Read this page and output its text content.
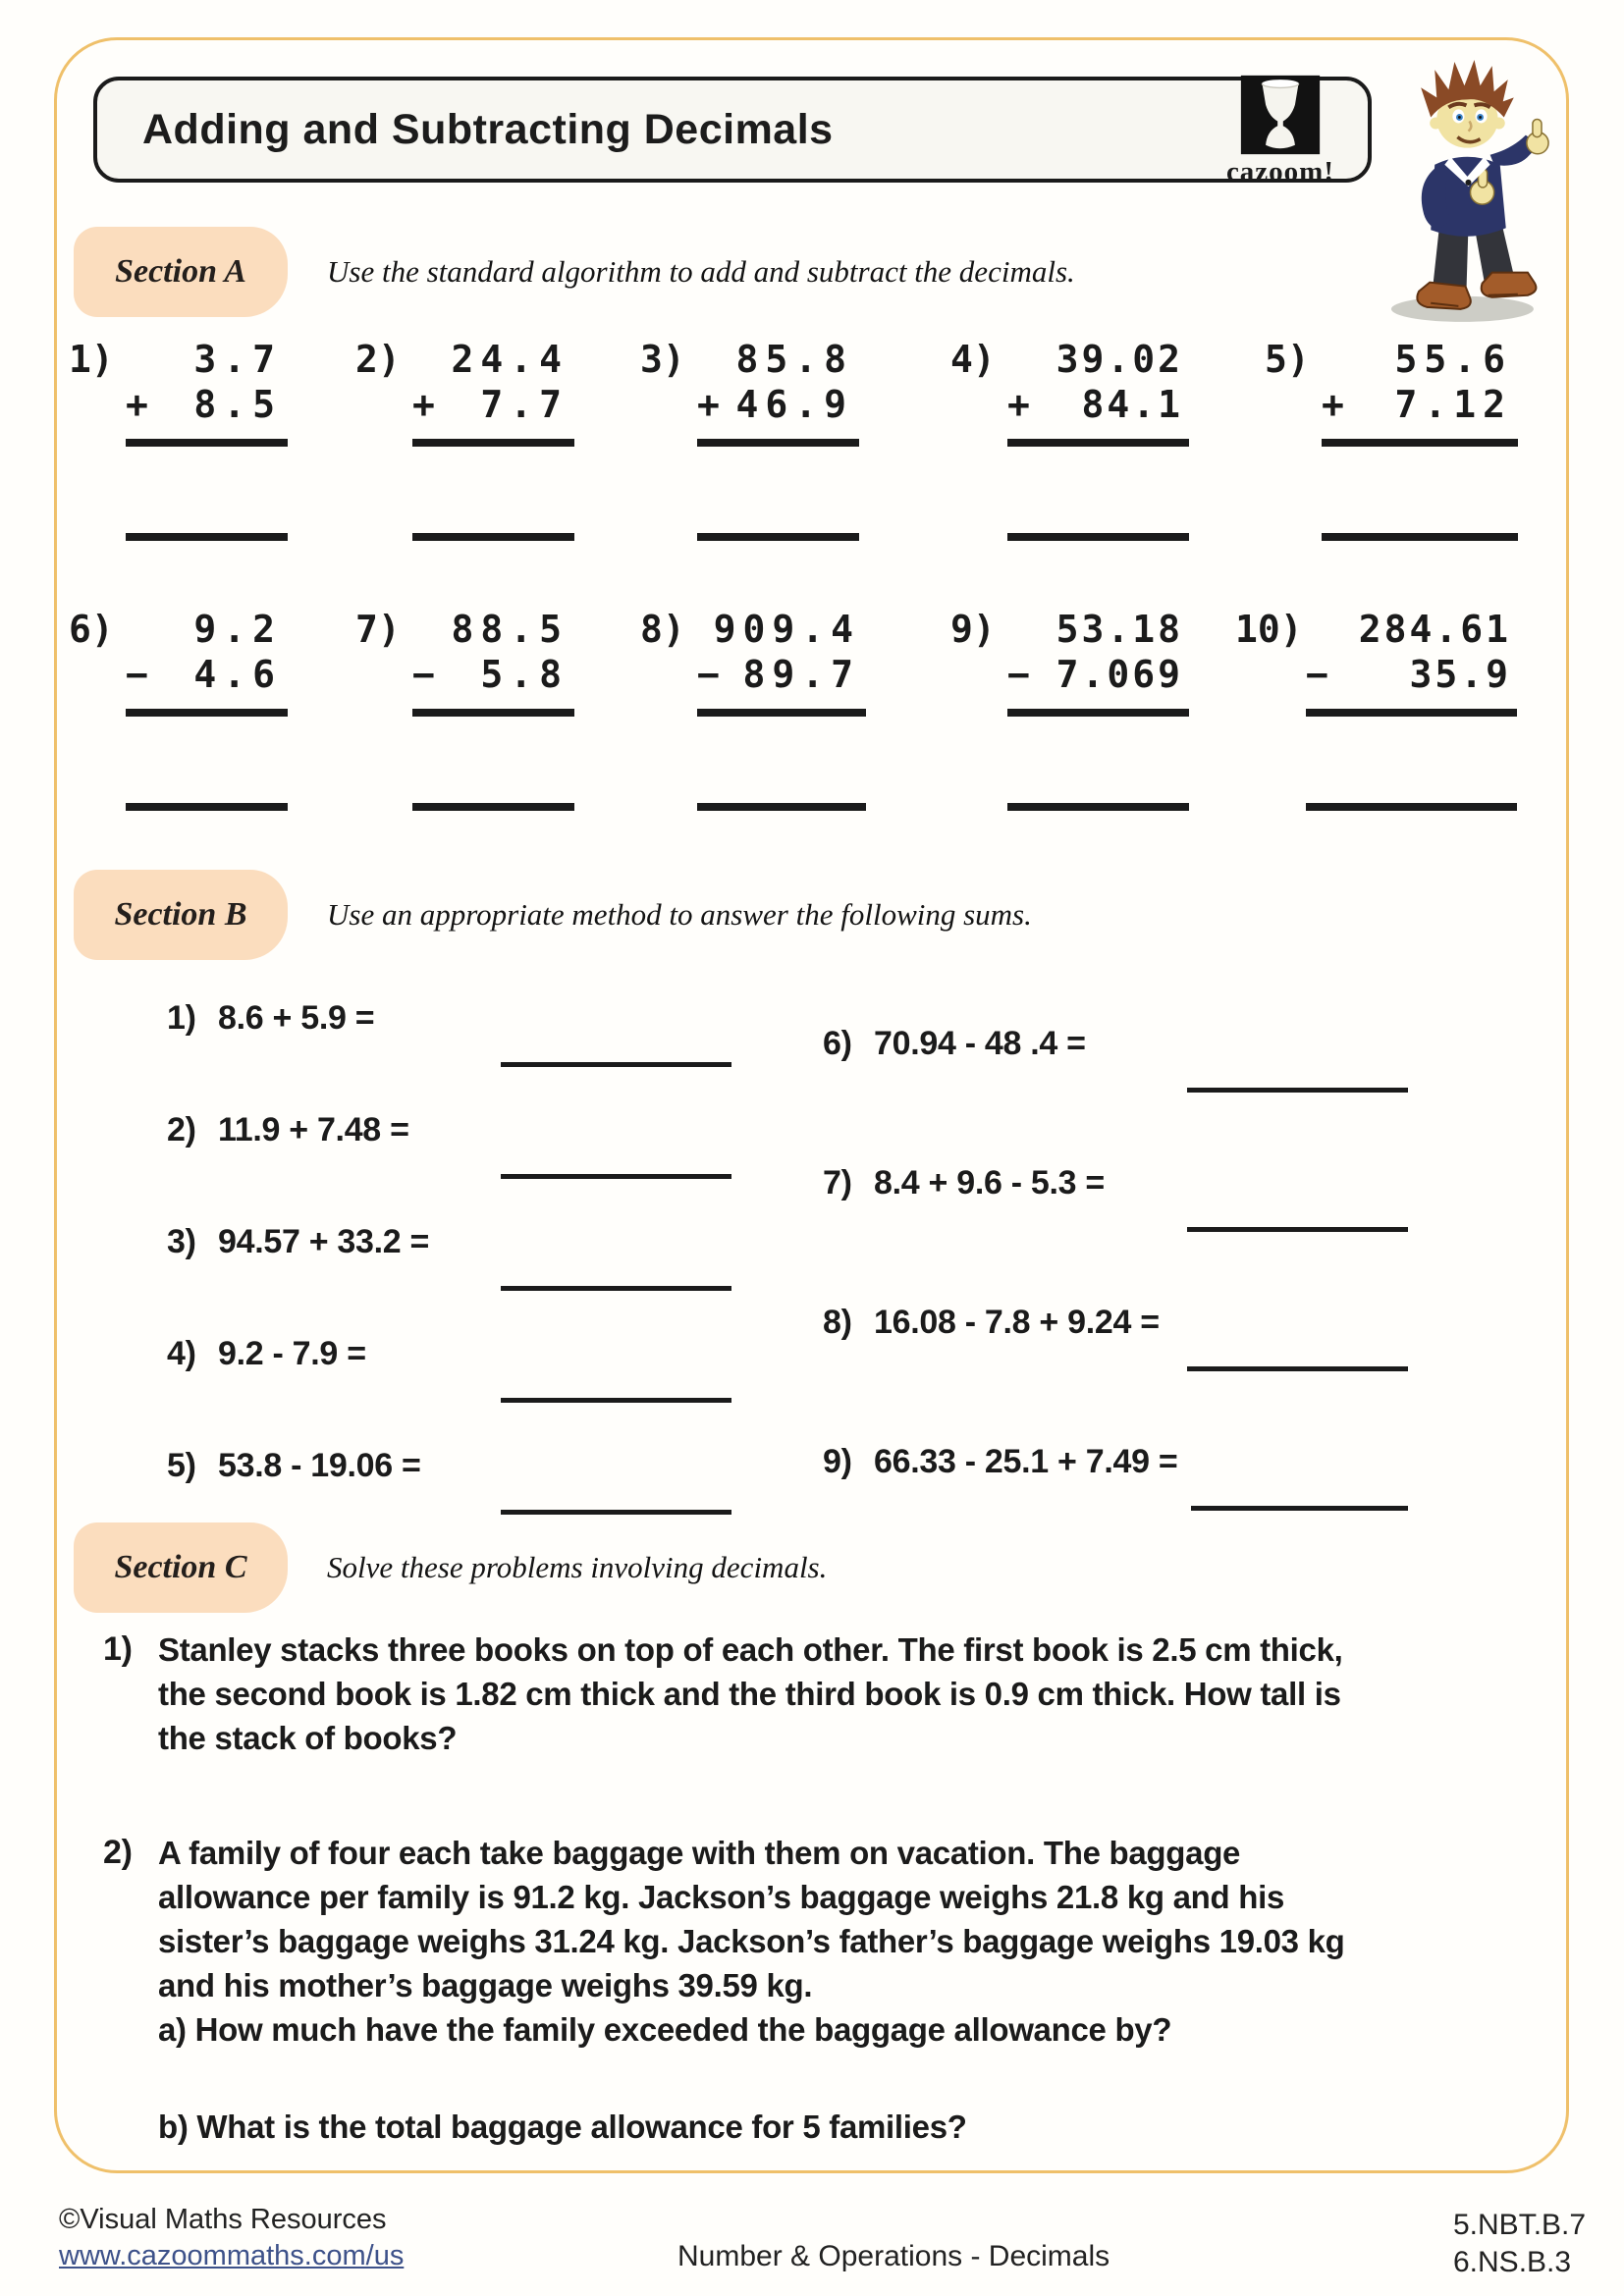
Adding and Subtracting Decimals
cazoom!
Section A	Use the standard algorithm to add and subtract the decimals.
1)	3.7
+ 8.5
2)	24.4
+ 7.7
3)	85.8
+ 46.9
4)	39.02
+ 84.1
5)	55.6
+ 7.12
6)	9.2
− 4.6
7)	88.5
− 5.8
8) 909.4
− 89.7
9)	53.18
− 7.069
10)	284.61
− 35.9
Section B	Use an appropriate method to answer the following sums.
1) 8.6 + 5.9 =
2) 11.9 + 7.48 =
3) 94.57 + 33.2 =
4) 9.2 - 7.9 =
5) 53.8 - 19.06 =
6) 70.94 - 48 .4 =
7) 8.4 + 9.6 - 5.3 =
8) 16.08 - 7.8 + 9.24 =
9) 66.33 - 25.1 + 7.49 =
Section C	Solve these problems involving decimals.
1) Stanley stacks three books on top of each other. The first book is 2.5 cm thick,
the second book is 1.82 cm thick and the third book is 0.9 cm thick. How tall is
the stack of books?
2) A family of four each take baggage with them on vacation. The baggage
allowance per family is 91.2 kg. Jackson’s baggage weighs 21.8 kg and his
sister’s baggage weighs 31.24 kg. Jackson’s father’s baggage weighs 19.03 kg
and his mother’s baggage weighs 39.59 kg.
a) How much have the family exceeded the baggage allowance by?
b) What is the total baggage allowance for 5 families?
©Visual Maths Resources
www.cazoommaths.com/us	Number & Operations - Decimals
5.NBT.B.7
6.NS.B.3
